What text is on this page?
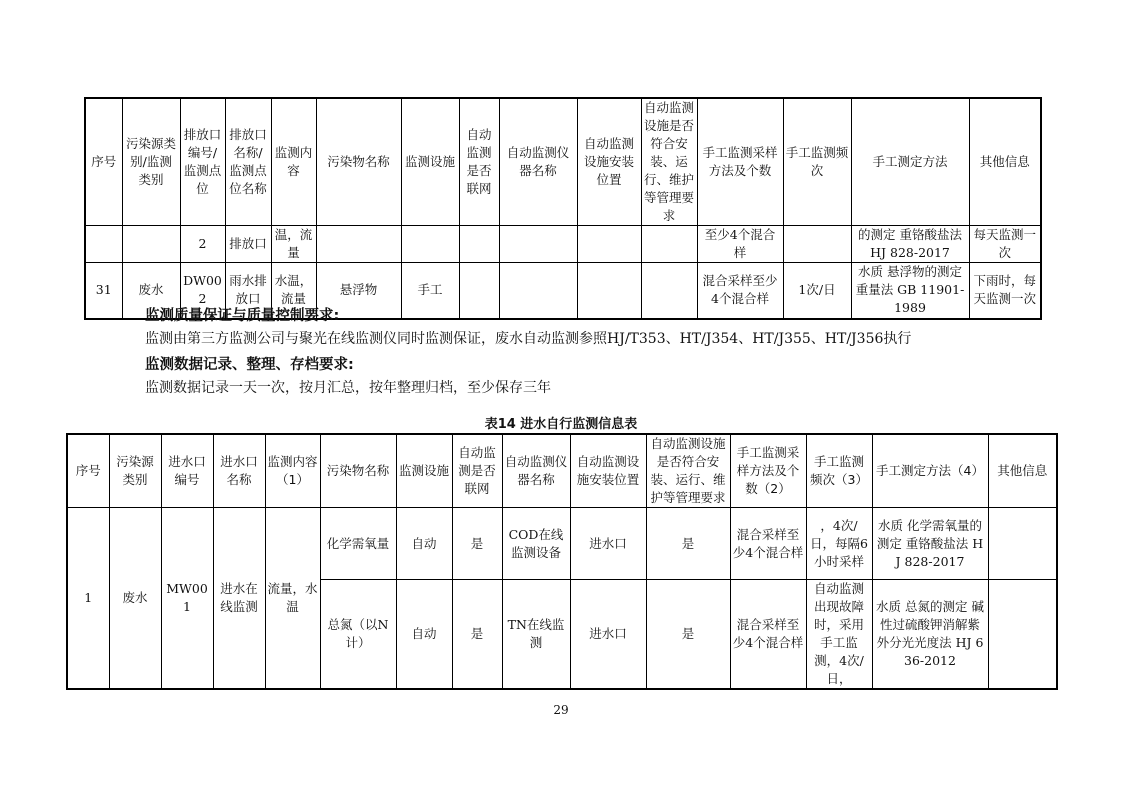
序号	污染源类别/监测类别	排放口编号/监测点位	排放口名称/监测点位名称	监测内容	污染物名称	监测设施	自动监测是否联网	自动监测仪器名称	自动监测设施安装位置	自动监测设施是否符合安装、运行、维护等管理要求	手工监测采样方法及个数	手工监测频次	手工测定方法	其他信息
		2	排放口	温，流量							至少4个混合样		的测定 重铬酸盐法 HJ 828-2017	每天监测一次
31	废水	DW002	雨水排放口	水温，流量	悬浮物	手工					混合采样至少4个混合样	1次/日	水质 悬浮物的测定 重量法 GB 11901-1989	下雨时，每天监测一次
监测质量保证与质量控制要求:
监测由第三方监测公司与聚光在线监测仪同时监测保证，废水自动监测参照HJ/T353、HT/J354、HT/J355、HT/J356执行
监测数据记录、整理、存档要求:
监测数据记录一天一次，按月汇总，按年整理归档，至少保存三年
表14 进水自行监测信息表
序号	污染源类别	进水口编号	进水口名称	监测内容（1）	污染物名称	监测设施	自动监测是否联网	自动监测仪器名称	自动监测设施安装位置	自动监测设施是否符合安装、运行、维护等管理要求	手工监测采样方法及个数（2）	手工监测频次（3）	手工测定方法（4）	其他信息
1	废水	MW001	进水在线监测	流量，水温	化学需氧量	自动	是	COD在线监测设备	进水口	是	混合采样至少4个混合样	，4次/日，每隔6小时采样	水质 化学需氧量的测定 重铬酸盐法 HJ 828-2017	
					总氮（以N计）	自动	是	TN在线监测	进水口	是	混合采样至少4个混合样	自动监测出现故障时，采用手工监测，4次/日，	水质 总氮的测定 碱性过硫酸钾消解紫外分光光度法 HJ 636-2012	
29
